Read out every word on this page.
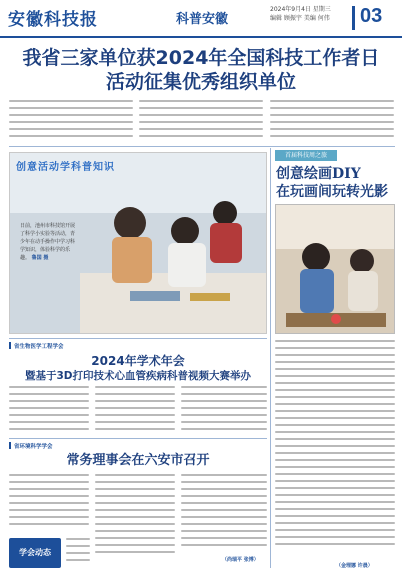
安徽科技报	科普安徽
2024年9月4日 星期三
编辑 顾振宇 美编 何伟 03
我省三家单位获2024年全国科技工作者日
活动征集优秀组织单位
创意活动学科普知识
日前，池州市科技馆开展了科学小实验等活动，青少年在动手操作中学习科学知识，体验科学的乐趣。 鲁国 摄
首届科技周之旅
创意绘画DIY
在玩画间玩转光影
（金理娜 许晨）
省生物医学工程学会
2024年学术年会
暨基于3D打印技术心血管疾病科普视频大赛举办
省环境科学学会
常务理事会在六安市召开
（尚瑞平 张博）
学会动态
